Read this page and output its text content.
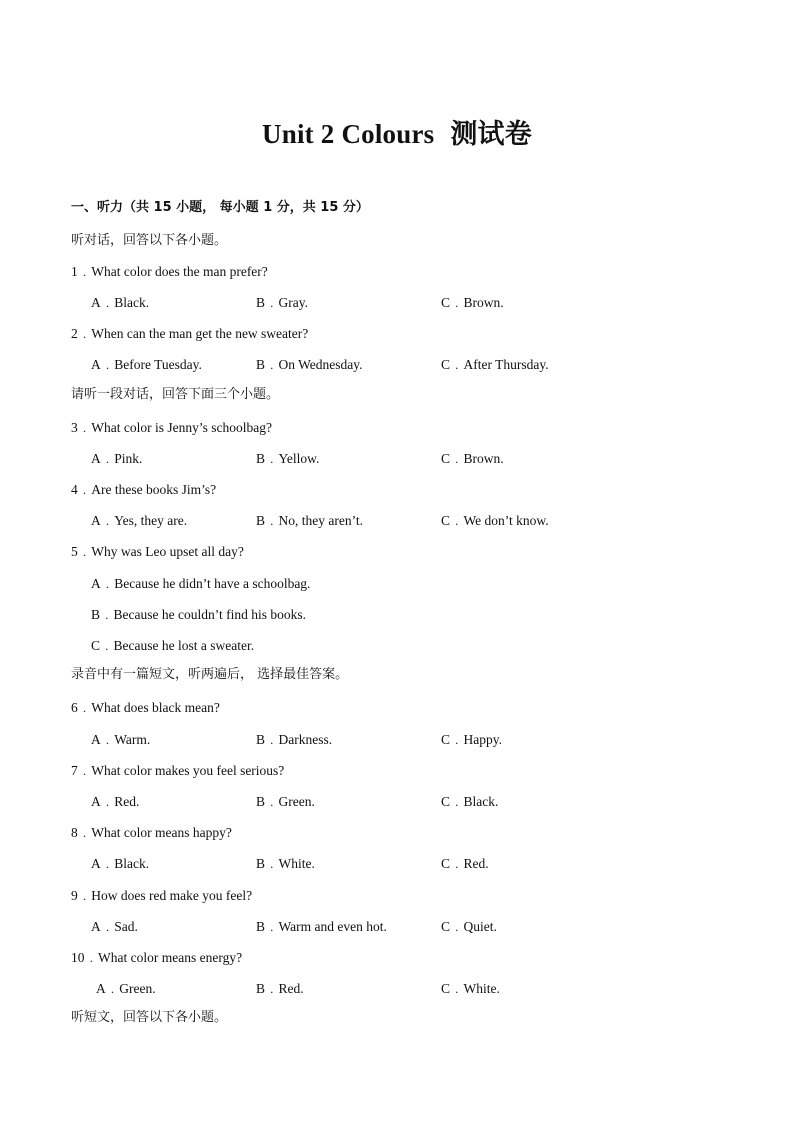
Unit 2 Colours 测试卷
一、听力（共 15 小题， 每小题 1 分，共 15 分）
听对话，回答以下各小题。
1﹒What color does the man prefer?
A﹒Black.	B﹒Gray.	C﹒Brown.
2﹒When can the man get the new sweater?
A﹒Before Tuesday.	B﹒On Wednesday.	C﹒After Thursday.
请听一段对话，回答下面三个小题。
3﹒What color is Jenny’s schoolbag?
A﹒Pink.	B﹒Yellow.	C﹒Brown.
4﹒Are these books Jim’s?
A﹒Yes, they are.	B﹒No, they aren’t.	C﹒We don’t know.
5﹒Why was Leo upset all day?
A﹒Because he didn’t have a schoolbag.
B﹒Because he couldn’t find his books.
C﹒Because he lost a sweater.
录音中有一篇短文，听两遍后， 选择最佳答案。
6﹒What does black mean?
A﹒Warm.	B﹒Darkness.	C﹒Happy.
7﹒What color makes you feel serious?
A﹒Red.	B﹒Green.	C﹒Black.
8﹒What color means happy?
A﹒Black.	B﹒White.	C﹒Red.
9﹒How does red make you feel?
A﹒Sad.	B﹒Warm and even hot.	C﹒Quiet.
10﹒What color means energy?
A﹒Green.	B﹒Red.	C﹒White.
听短文，回答以下各小题。
